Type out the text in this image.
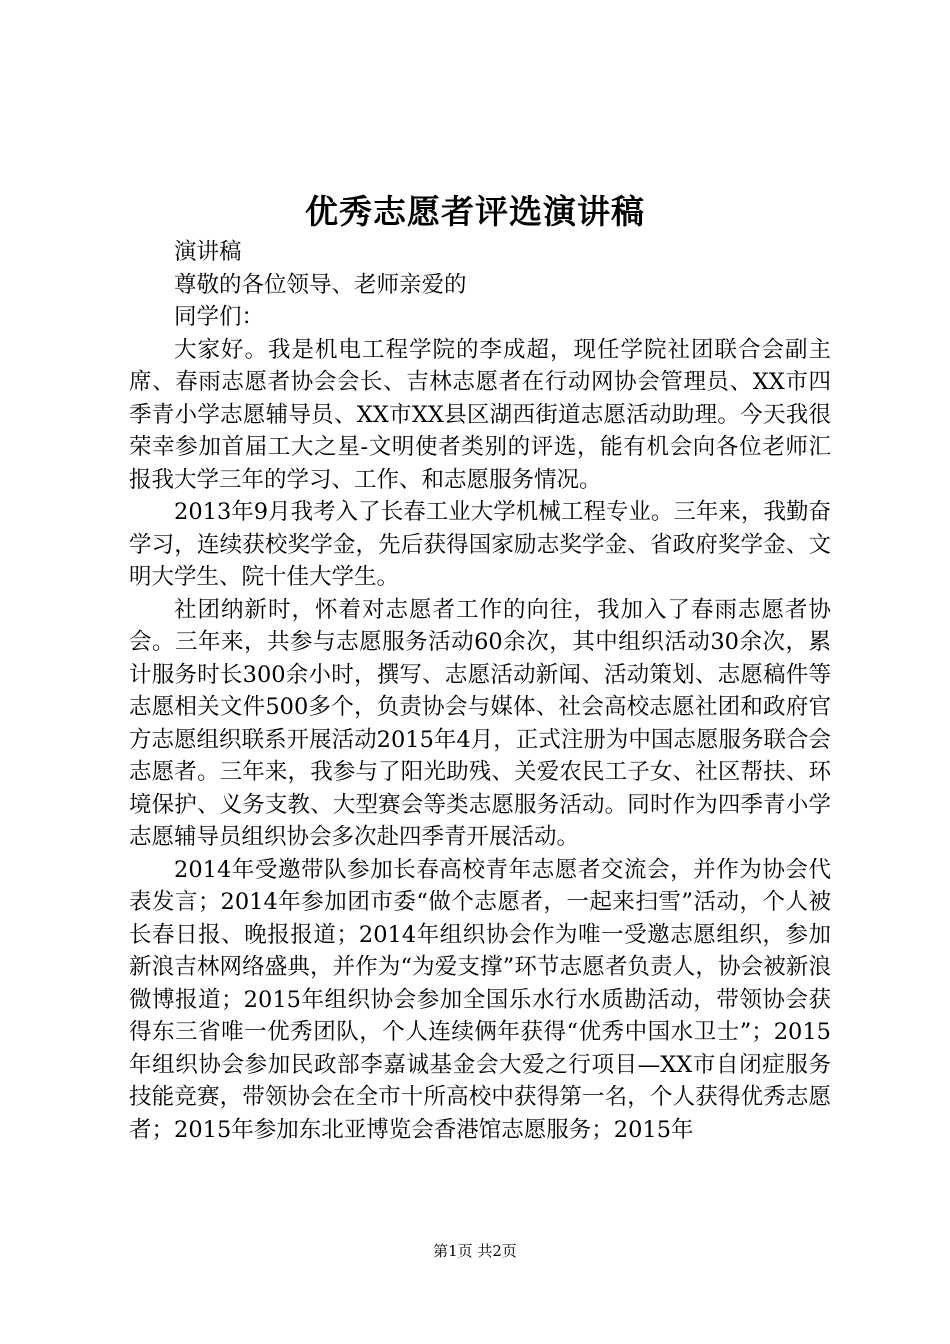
优秀志愿者评选演讲稿

演讲稿

尊敬的各位领导、老师亲爱的

同学们：

大家好。我是机电工程学院的李成超，现任学院社团联合会副主席、春雨志愿者协会会长、吉林志愿者在行动网协会管理员、XX市四季青小学志愿辅导员、XX市XX县区湖西街道志愿活动助理。今天我很荣幸参加首届工大之星-文明使者类别的评选，能有机会向各位老师汇报我大学三年的学习、工作、和志愿服务情况。

2013年9月我考入了长春工业大学机械工程专业。三年来，我勤奋学习，连续获校奖学金，先后获得国家励志奖学金、省政府奖学金、文明大学生、院十佳大学生。

社团纳新时，怀着对志愿者工作的向往，我加入了春雨志愿者协会。三年来，共参与志愿服务活动60余次，其中组织活动30余次，累计服务时长300余小时，撰写、志愿活动新闻、活动策划、志愿稿件等志愿相关文件500多个，负责协会与媒体、社会高校志愿社团和政府官方志愿组织联系开展活动2015年4月，正式注册为中国志愿服务联合会志愿者。三年来，我参与了阳光助残、关爱农民工子女、社区帮扶、环境保护、义务支教、大型赛会等类志愿服务活动。同时作为四季青小学志愿辅导员组织协会多次赴四季青开展活动。

2014年受邀带队参加长春高校青年志愿者交流会，并作为协会代表发言；2014年参加团市委“做个志愿者，一起来扫雪”活动，个人被长春日报、晚报报道；2014年组织协会作为唯一受邀志愿组织，参加新浪吉林网络盛典，并作为“为爱支撑”环节志愿者负责人，协会被新浪微博报道；2015年组织协会参加全国乐水行水质勘活动，带领协会获得东三省唯一优秀团队，个人连续俩年获得“优秀中国水卫士”；2015年组织协会参加民政部李嘉诚基金会大爱之行项目—XX市自闭症服务技能竞赛，带领协会在全市十所高校中获得第一名，个人获得优秀志愿者；2015年参加东北亚博览会香港馆志愿服务；2015年

第1页 共2页
